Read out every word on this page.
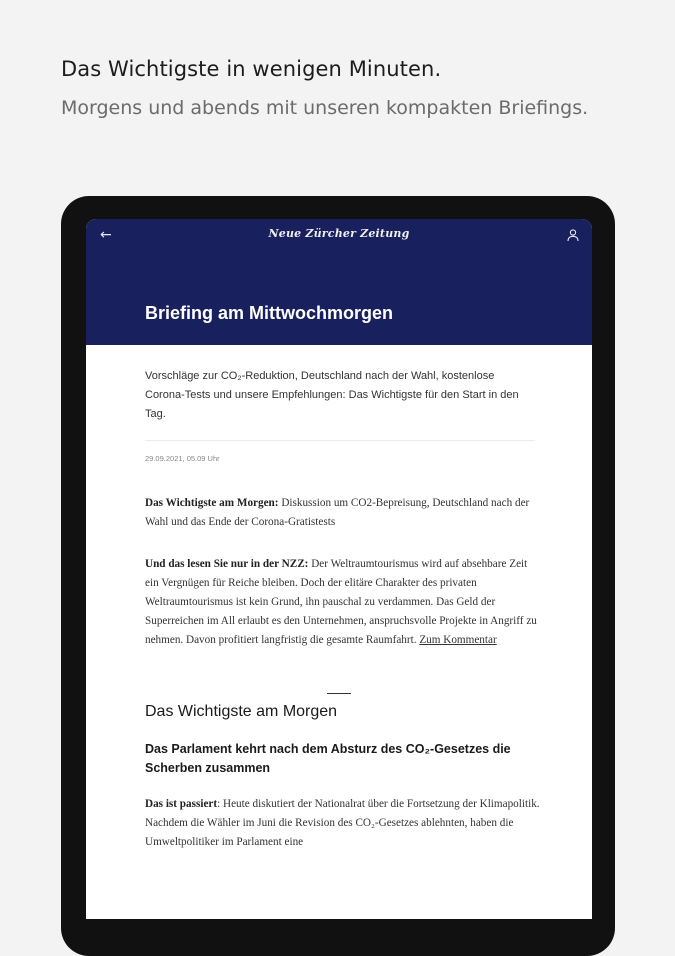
Das Wichtigste in wenigen Minuten.
Morgens und abends mit unseren kompakten Briefings.
←	Neue Zürcher Zeitung
Briefing am Mittwochmorgen
Vorschläge zur CO₂-Reduktion, Deutschland nach der Wahl, kostenlose Corona-Tests und unsere Empfehlungen: Das Wichtigste für den Start in den Tag.
29.09.2021, 05.09 Uhr

Das Wichtigste am Morgen: Diskussion um CO2-Bepreisung, Deutschland nach der Wahl und das Ende der Corona-Gratistests

Und das lesen Sie nur in der NZZ: Der Weltraumtourismus wird auf absehbare Zeit ein Vergnügen für Reiche bleiben. Doch der elitäre Charakter des privaten Weltraumtourismus ist kein Grund, ihn pauschal zu verdammen. Das Geld der Superreichen im All erlaubt es den Unternehmen, anspruchsvolle Projekte in Angriff zu nehmen. Davon profitiert langfristig die gesamte Raumfahrt. Zum Kommentar

Das Wichtigste am Morgen
Das Parlament kehrt nach dem Absturz des CO₂-Gesetzes die Scherben zusammen

Das ist passiert: Heute diskutiert der Nationalrat über die Fortsetzung der Klimapolitik. Nachdem die Wähler im Juni die Revision des CO₂-Gesetzes ablehnten, haben die Umweltpolitiker im Parlament eine
